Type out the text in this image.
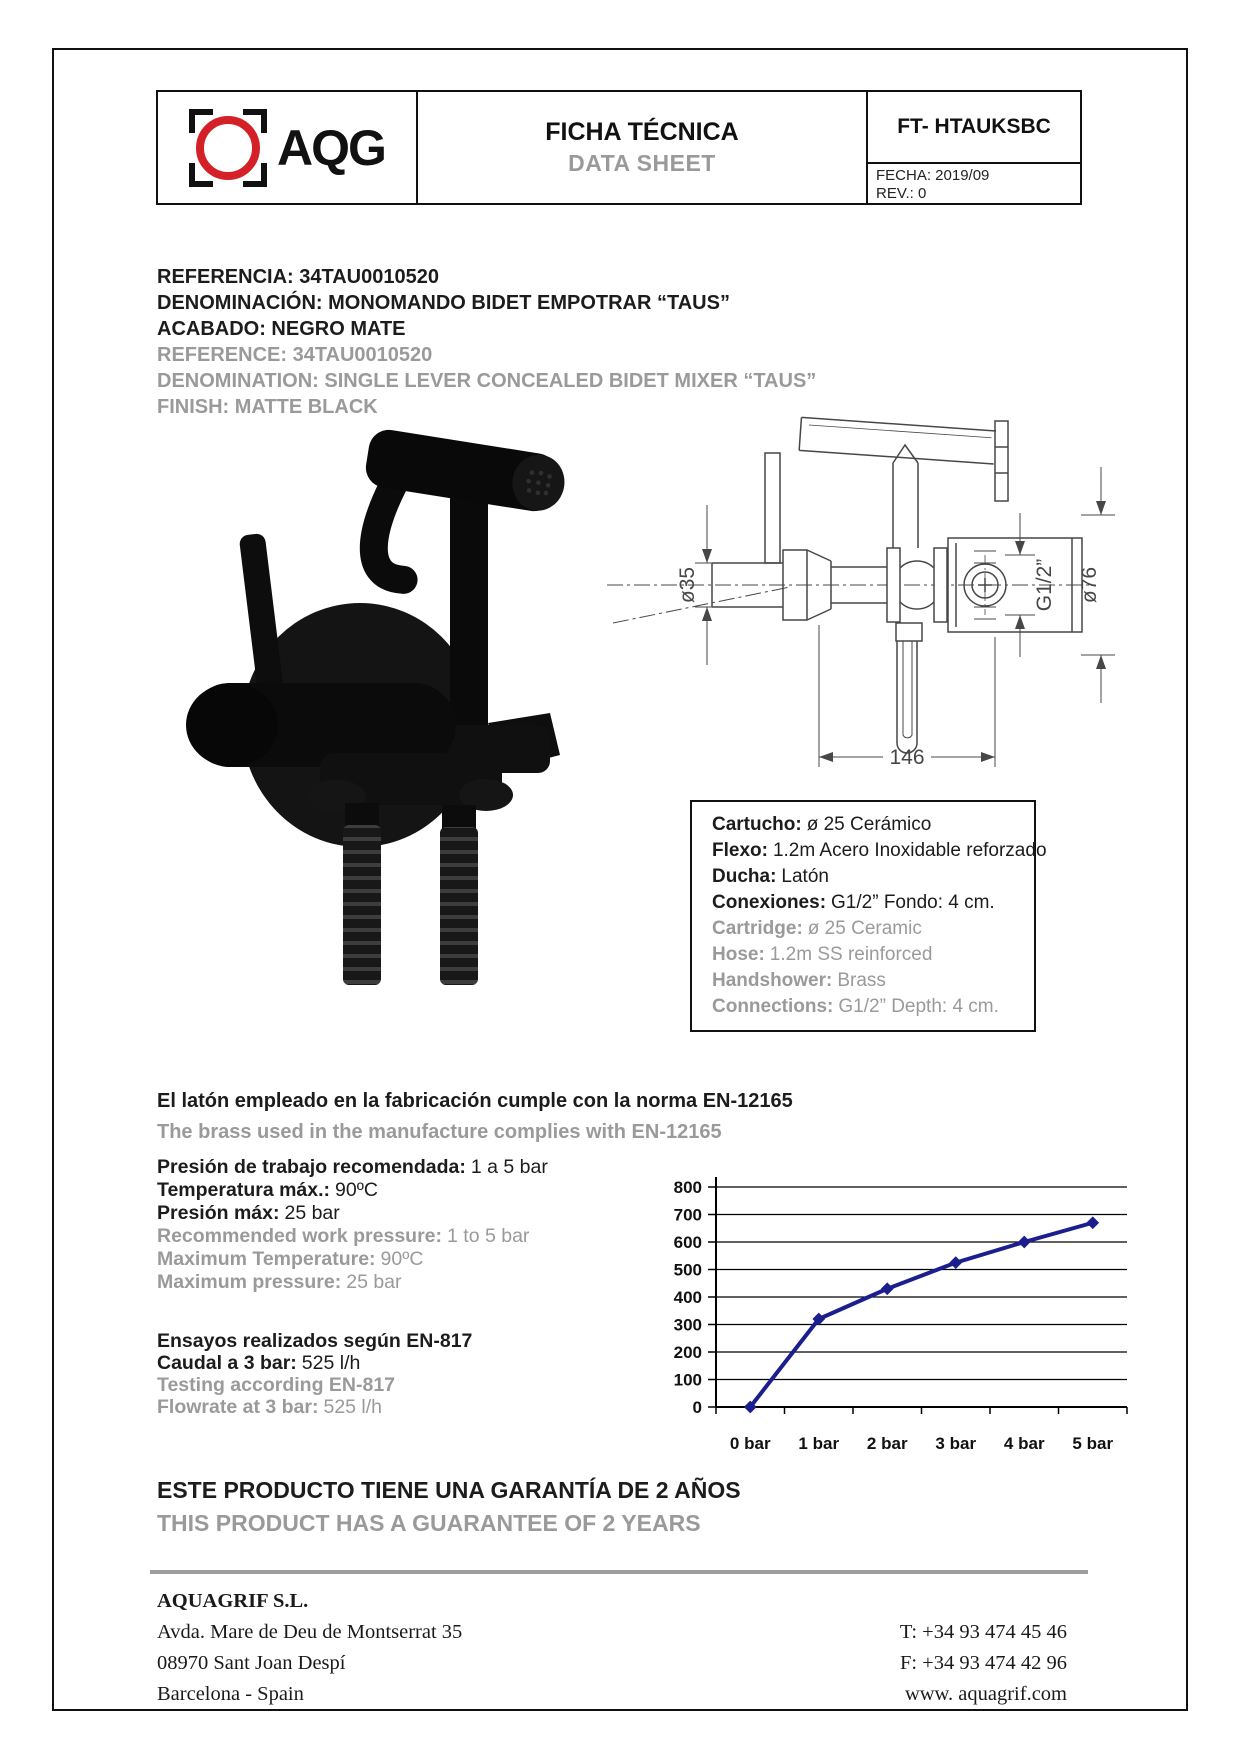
AQG	FICHA TÉCNICA
DATA SHEET
FT- HTAUKSBC
FECHA: 2019/09
REV.: 0
REFERENCIA: 34TAU0010520
DENOMINACIÓN: MONOMANDO BIDET EMPOTRAR “TAUS”
ACABADO: NEGRO MATE
REFERENCE: 34TAU0010520
DENOMINATION: SINGLE LEVER CONCEALED BIDET MIXER “TAUS”
FINISH: MATTE BLACK
ø35	G1/2” ø76
146
Cartucho: ø 25 Cerámico
Flexo: 1.2m Acero Inoxidable reforzado
Ducha: Latón
Conexiones: G1/2” Fondo: 4 cm.
Cartridge: ø 25 Ceramic
Hose: 1.2m SS reinforced
Handshower: Brass
Connections: G1/2” Depth: 4 cm.
El latón empleado en la fabricación cumple con la norma EN-12165
The brass used in the manufacture complies with EN-12165
Presión de trabajo recomendada: 1 a 5 bar
Temperatura máx.: 90ºC
Presión máx: 25 bar
Recommended work pressure: 1 to 5 bar
Maximum Temperature: 90ºC
Maximum pressure: 25 bar
Ensayos realizados según EN-817
Caudal a 3 bar: 525 l/h
Testing according EN-817
Flowrate at 3 bar: 525 l/h	0
100
200
300
400
500
600
700
800
0 bar 1 bar 2 bar 3 bar 4 bar 5 bar
ESTE PRODUCTO TIENE UNA GARANTÍA DE 2 AÑOS
THIS PRODUCT HAS A GUARANTEE OF 2 YEARS
AQUAGRIF S.L.
Avda. Mare de Deu de Montserrat 35
08970 Sant Joan Despí
Barcelona - Spain
T: +34 93 474 45 46
F: +34 93 474 42 96
www. aquagrif.com
